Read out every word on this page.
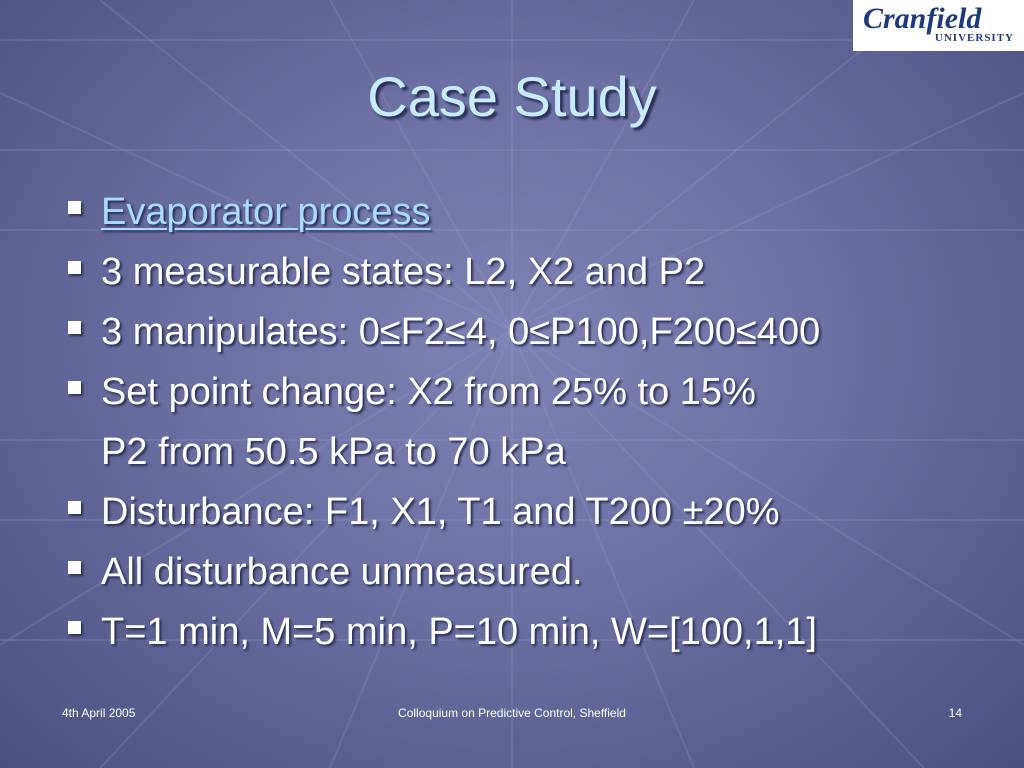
Cranfield
UNIVERSITY
Case Study
Evaporator process
3 measurable states: L2, X2 and P2
3 manipulates: 0≤F2≤4, 0≤P100,F200≤400
Set point change: X2 from 25% to 15%
P2 from 50.5 kPa to 70 kPa
Disturbance: F1, X1, T1 and T200 ±20%
All disturbance unmeasured.
T=1 min, M=5 min, P=10 min, W=[100,1,1]
4th April 2005	Colloquium on Predictive Control, Sheffield	14
